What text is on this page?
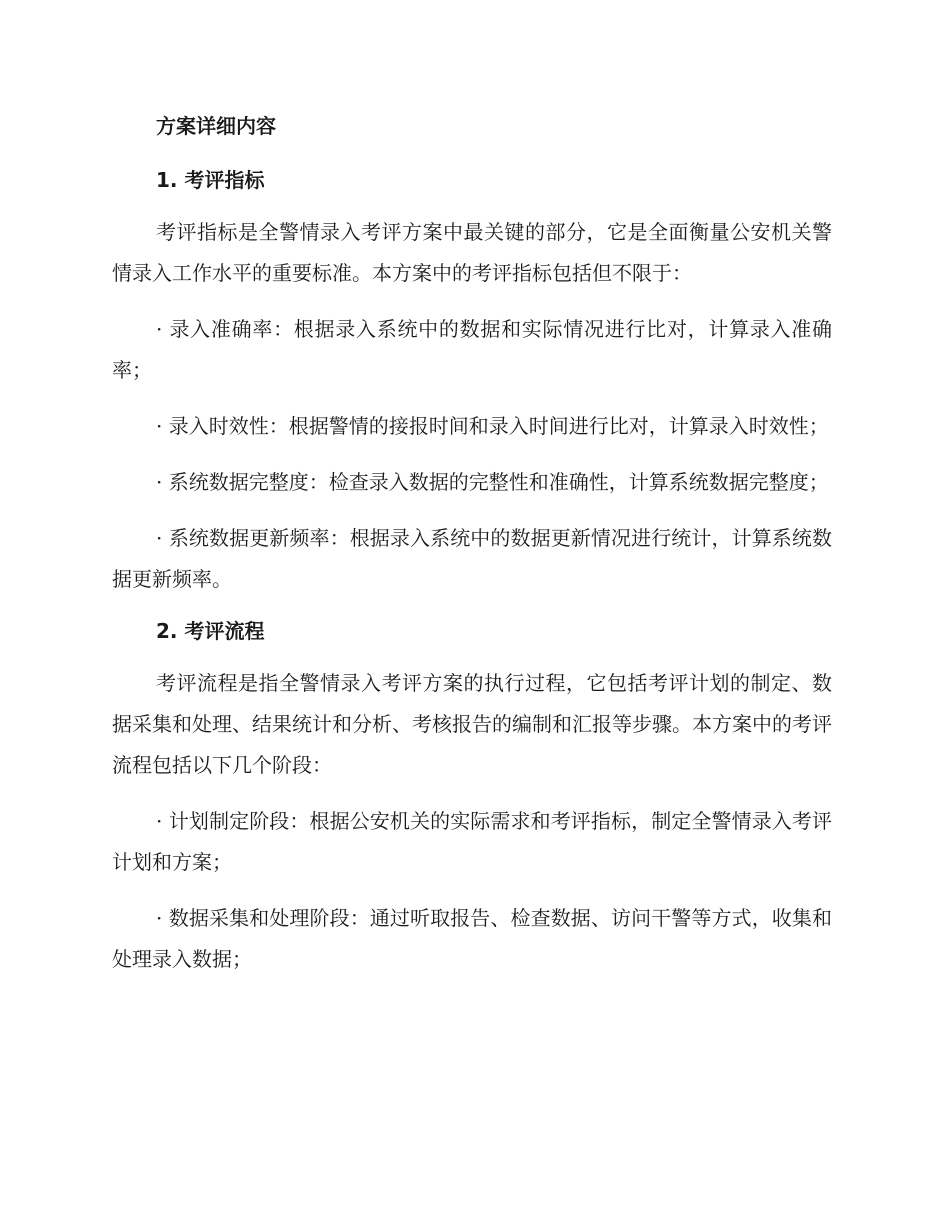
方案详细内容
1. 考评指标

考评指标是全警情录入考评方案中最关键的部分，它是全面衡量公安机关警情录入工作水平的重要标准。本方案中的考评指标包括但不限于：

· 录入准确率：根据录入系统中的数据和实际情况进行比对，计算录入准确率；

· 录入时效性：根据警情的接报时间和录入时间进行比对，计算录入时效性；

· 系统数据完整度：检查录入数据的完整性和准确性，计算系统数据完整度；

· 系统数据更新频率：根据录入系统中的数据更新情况进行统计，计算系统数据更新频率。

2. 考评流程

考评流程是指全警情录入考评方案的执行过程，它包括考评计划的制定、数据采集和处理、结果统计和分析、考核报告的编制和汇报等步骤。本方案中的考评流程包括以下几个阶段：

· 计划制定阶段：根据公安机关的实际需求和考评指标，制定全警情录入考评计划和方案；

· 数据采集和处理阶段：通过听取报告、检查数据、访问干警等方式，收集和处理录入数据；
